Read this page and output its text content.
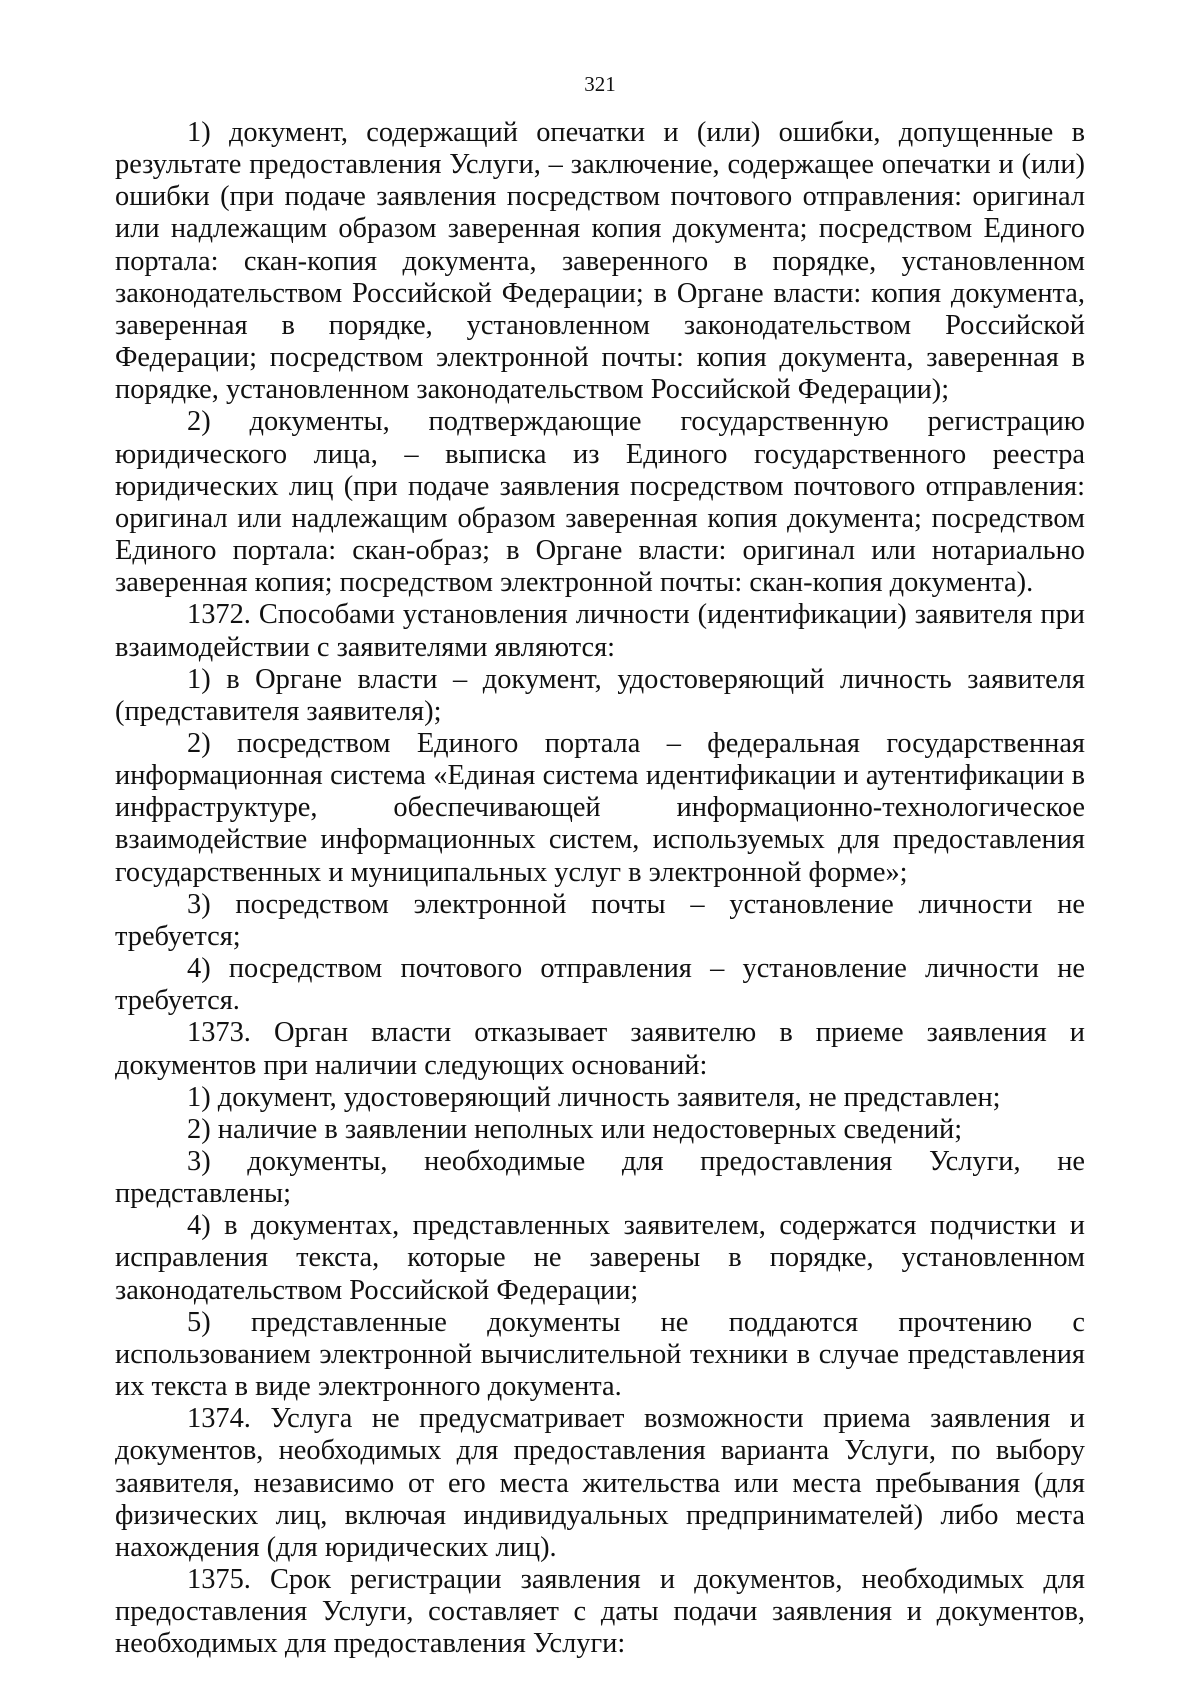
321

1) документ, содержащий опечатки и (или) ошибки, допущенные в результате предоставления Услуги, – заключение, содержащее опечатки и (или) ошибки (при подаче заявления посредством почтового отправления: оригинал или надлежащим образом заверенная копия документа; посредством Единого портала: скан-копия документа, заверенного в порядке, установленном законодательством Российской Федерации; в Органе власти: копия документа, заверенная в порядке, установленном законодательством Российской Федерации; посредством электронной почты: копия документа, заверенная в порядке, установленном законодательством Российской Федерации);

2) документы, подтверждающие государственную регистрацию юридического лица, – выписка из Единого государственного реестра юридических лиц (при подаче заявления посредством почтового отправления: оригинал или надлежащим образом заверенная копия документа; посредством Единого портала: скан-образ; в Органе власти: оригинал или нотариально заверенная копия; посредством электронной почты: скан-копия документа).

1372. Способами установления личности (идентификации) заявителя при взаимодействии с заявителями являются:

1) в Органе власти – документ, удостоверяющий личность заявителя (представителя заявителя);

2) посредством Единого портала – федеральная государственная информационная система «Единая система идентификации и аутентификации в инфраструктуре, обеспечивающей информационно-технологическое взаимодействие информационных систем, используемых для предоставления государственных и муниципальных услуг в электронной форме»;

3) посредством электронной почты – установление личности не требуется;

4) посредством почтового отправления – установление личности не требуется.

1373. Орган власти отказывает заявителю в приеме заявления и документов при наличии следующих оснований:

1) документ, удостоверяющий личность заявителя, не представлен;

2) наличие в заявлении неполных или недостоверных сведений;

3) документы, необходимые для предоставления Услуги, не представлены;

4) в документах, представленных заявителем, содержатся подчистки и исправления текста, которые не заверены в порядке, установленном законодательством Российской Федерации;

5) представленные документы не поддаются прочтению с использованием электронной вычислительной техники в случае представления их текста в виде электронного документа.

1374. Услуга не предусматривает возможности приема заявления и документов, необходимых для предоставления варианта Услуги, по выбору заявителя, независимо от его места жительства или места пребывания (для физических лиц, включая индивидуальных предпринимателей) либо места нахождения (для юридических лиц).

1375. Срок регистрации заявления и документов, необходимых для предоставления Услуги, составляет с даты подачи заявления и документов, необходимых для предоставления Услуги:
